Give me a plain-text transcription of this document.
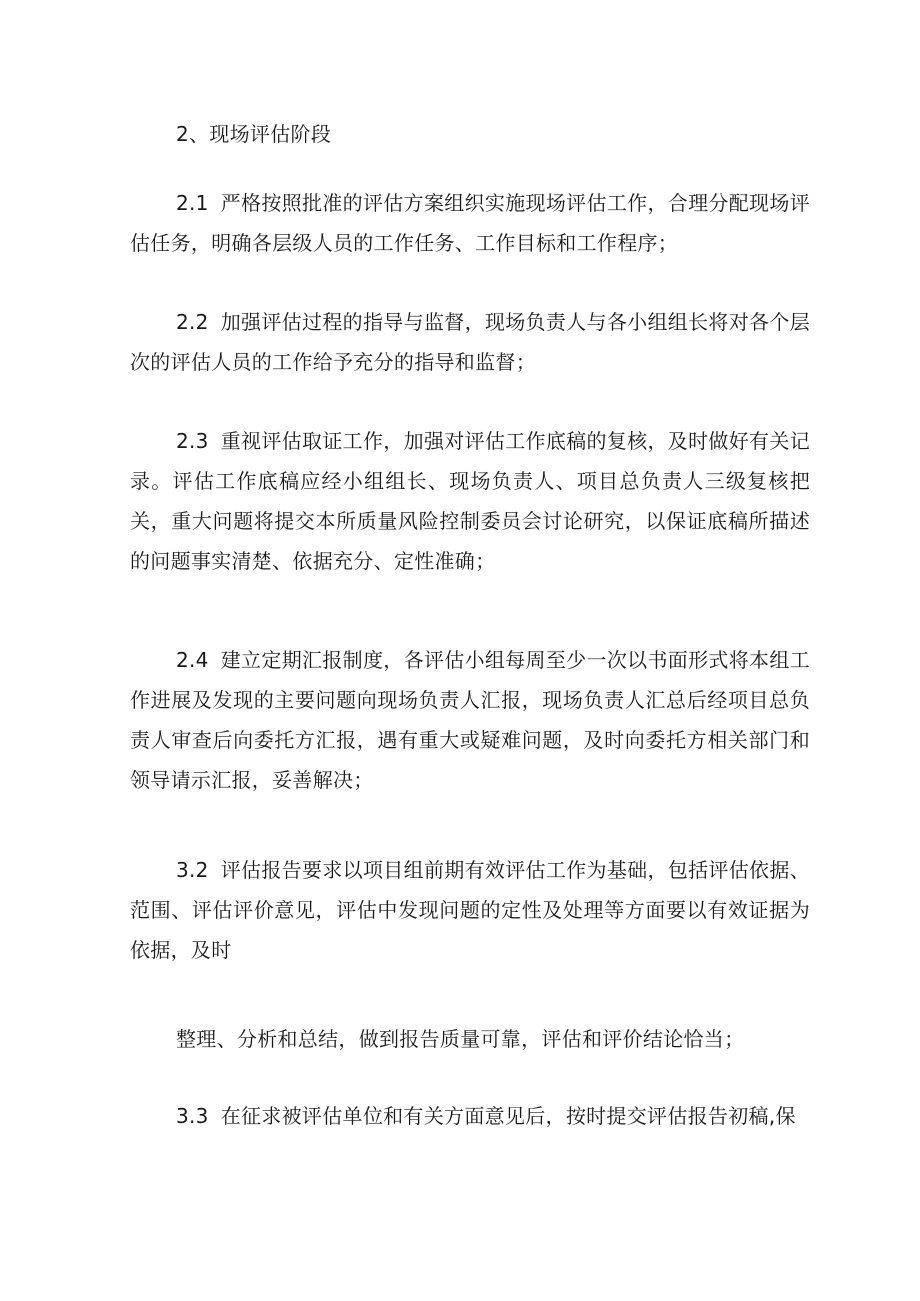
2、现场评估阶段
2.1 严格按照批准的评估方案组织实施现场评估工作，合理分配现场评估任务，明确各层级人员的工作任务、工作目标和工作程序；
2.2 加强评估过程的指导与监督，现场负责人与各小组组长将对各个层次的评估人员的工作给予充分的指导和监督；
2.3 重视评估取证工作，加强对评估工作底稿的复核，及时做好有关记录。评估工作底稿应经小组组长、现场负责人、项目总负责人三级复核把关，重大问题将提交本所质量风险控制委员会讨论研究，以保证底稿所描述的问题事实清楚、依据充分、定性准确；
2.4 建立定期汇报制度，各评估小组每周至少一次以书面形式将本组工作进展及发现的主要问题向现场负责人汇报，现场负责人汇总后经项目总负责人审查后向委托方汇报，遇有重大或疑难问题，及时向委托方相关部门和领导请示汇报，妥善解决；
3.2 评估报告要求以项目组前期有效评估工作为基础，包括评估依据、范围、评估评价意见，评估中发现问题的定性及处理等方面要以有效证据为依据，及时
整理、分析和总结，做到报告质量可靠，评估和评价结论恰当；
3.3 在征求被评估单位和有关方面意见后，按时提交评估报告初稿,保
